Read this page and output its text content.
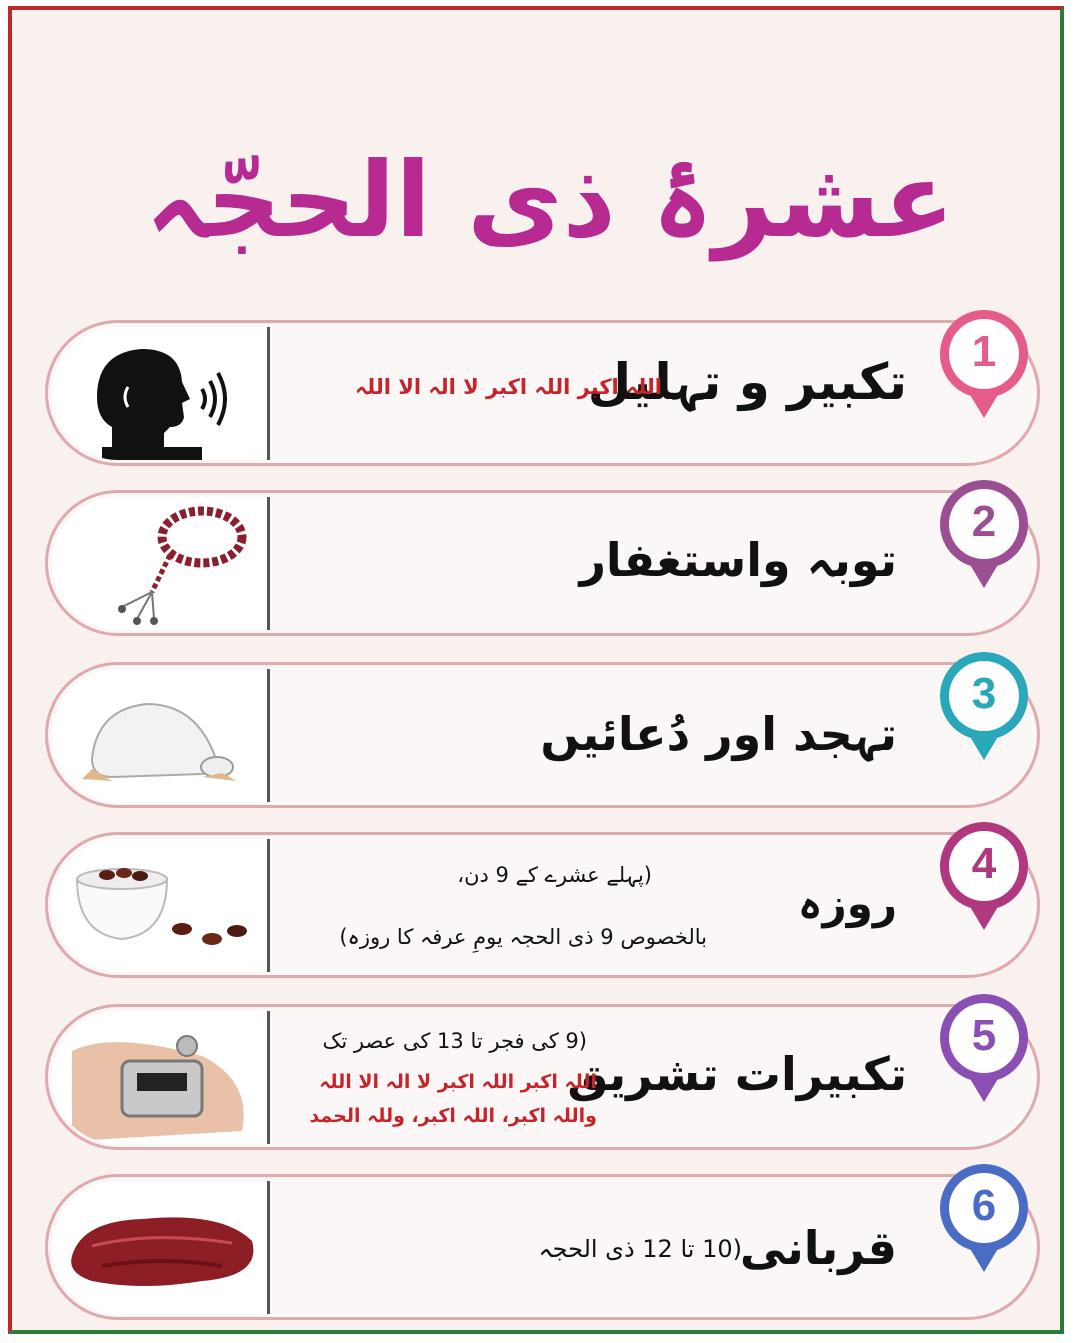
عشرۂ ذی الحجّہ
تکبیر و تہلیل
اللہ اکبر اللہ اکبر لا الہ الا اللہ
1
توبہ واستغفار
2
تہجد اور دُعائیں
3
روزہ
(پہلے عشرے کے 9 دن،
بالخصوص 9 ذی الحجہ یومِ عرفہ کا روزہ)
4
تکبیرات تشریق
(9 کی فجر تا 13 کی عصر تک
اللہ اکبر اللہ اکبر لا الہ الا اللہ
واللہ اکبر، اللہ اکبر، وللہ الحمد
5
قربانی
(10 تا 12 ذی الحجہ
6
